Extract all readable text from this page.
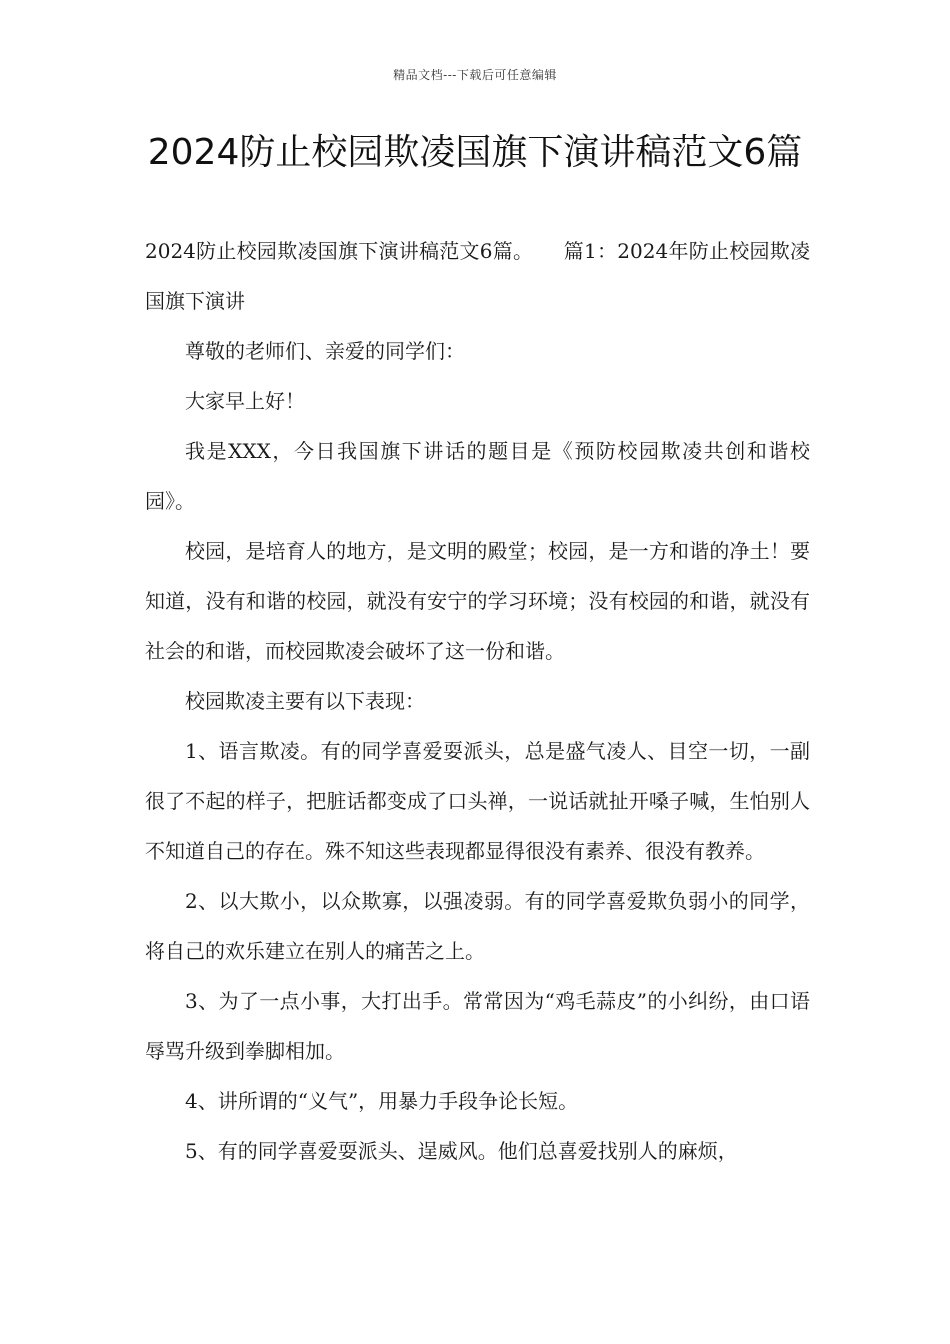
精品文档---下载后可任意编辑
2024防止校园欺凌国旗下演讲稿范文6篇

2024防止校园欺凌国旗下演讲稿范文6篇。　　篇1：2024年防止校园欺凌国旗下演讲

尊敬的老师们、亲爱的同学们：

大家早上好！

我是XXX，今日我国旗下讲话的题目是《预防校园欺凌共创和谐校园》。

校园，是培育人的地方，是文明的殿堂；校园，是一方和谐的净土！要知道，没有和谐的校园，就没有安宁的学习环境；没有校园的和谐，就没有社会的和谐，而校园欺凌会破坏了这一份和谐。

校园欺凌主要有以下表现：

1、语言欺凌。有的同学喜爱耍派头，总是盛气凌人、目空一切，一副很了不起的样子，把脏话都变成了口头禅，一说话就扯开嗓子喊，生怕别人不知道自己的存在。殊不知这些表现都显得很没有素养、很没有教养。

2、以大欺小，以众欺寡，以强凌弱。有的同学喜爱欺负弱小的同学，将自己的欢乐建立在别人的痛苦之上。

3、为了一点小事，大打出手。常常因为“鸡毛蒜皮”的小纠纷，由口语辱骂升级到拳脚相加。

4、讲所谓的“义气”，用暴力手段争论长短。

5、有的同学喜爱耍派头、逞威风。他们总喜爱找别人的麻烦，
